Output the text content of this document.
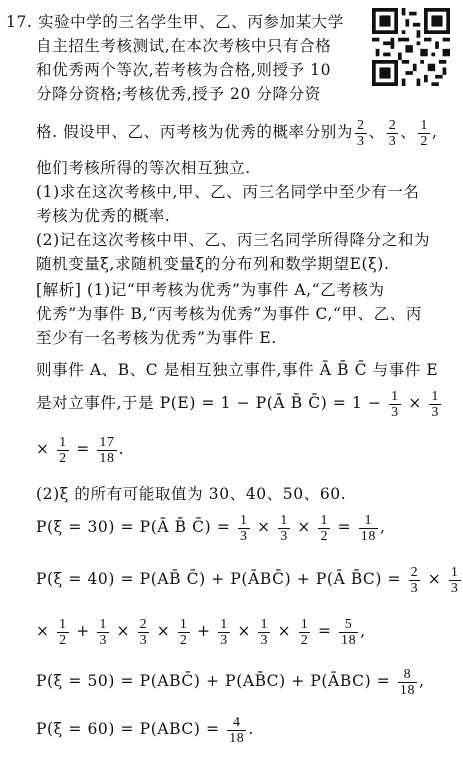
17. 实验中学的三名学生甲、乙、丙参加某大学
自主招生考核测试,在本次考核中只有合格
和优秀两个等次,若考核为合格,则授予 10
分降分资格;考核优秀,授予 20 分降分资
格. 假设甲、乙、丙考核为优秀的概率分别为 $\frac{2}{3}$ 、 $\frac{2}{3}$ 、 $\frac{1}{2}$ ,
他们考核所得的等次相互独立.
(1)求在这次考核中,甲、乙、丙三名同学中至少有一名
考核为优秀的概率.
(2)记在这次考核中甲、乙、丙三名同学所得降分之和为
随机变量ξ,求随机变量ξ的分布列和数学期望E(ξ).
[解析] (1)记“甲考核为优秀”为事件 A,“乙考核为
优秀”为事件 B,“丙考核为优秀”为事件 C,“甲、乙、丙
至少有一名考核为优秀”为事件 E.
则事件 A、B、C 是相互独立事件,事件 Ā B̄ C̄ 与事件 E
是对立事件,于是 P(E) = 1 − P(Ā B̄ C̄) = $1 - \frac{1}{3} \times \frac{1}{3}$
× $\frac{1}{2} = \frac{17}{18}$ .
(2)ξ 的所有可能取值为 30、40、50、60.
P(ξ = 30) = P(Ā B̄ C̄) = $\frac{1}{3} \times \frac{1}{3} \times \frac{1}{2} = \frac{1}{18}$ ,
P(ξ = 40) = P(AB̄ C̄) + P(ĀBC̄) + P(Ā B̄C) = $\frac{2}{3} \times \frac{1}{3}$
× $\frac{1}{2} + \frac{1}{3} \times \frac{2}{3} \times \frac{1}{2} + \frac{1}{3} \times \frac{1}{3} \times \frac{1}{2} = \frac{5}{18}$ ,
P(ξ = 50) = P(ABC̄) + P(AB̄C) + P(ĀBC) = $\frac{8}{18}$ ,
$P(\xi = 60) = P(ABC) = \frac{4}{18}$ .
